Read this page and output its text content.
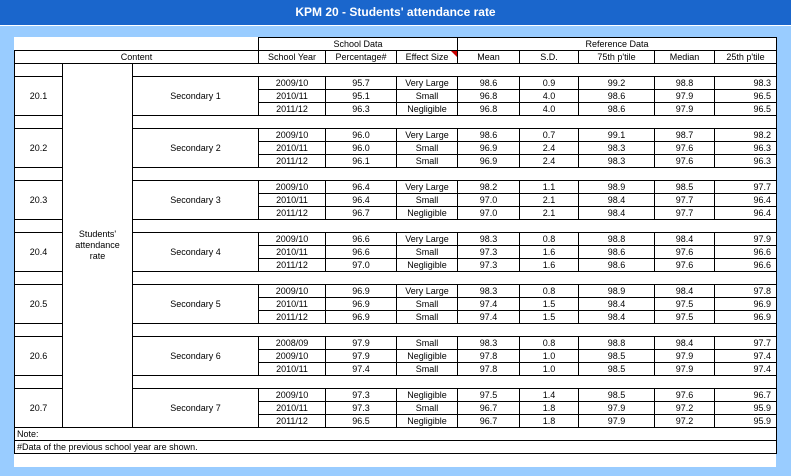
KPM 20 - Students' attendance rate
			School Data			Reference Data				
Content			School Year	Percentage#	Effect Size	Mean	S.D.	75th p'tile	Median	25th p'tile
	Students'
attendance
rate									
20.1		Secondary 1	2009/10	95.7	Very Large	98.6	0.9	99.2	98.8	98.3
			2010/11	95.1	Small	96.8	4.0	98.6	97.9	96.5
			2011/12	96.3	Negligible	96.8	4.0	98.6	97.9	96.5

20.2		Secondary 2	2009/10	96.0	Very Large	98.6	0.7	99.1	98.7	98.2
			2010/11	96.0	Small	96.9	2.4	98.3	97.6	96.3
			2011/12	96.1	Small	96.9	2.4	98.3	97.6	96.3

20.3		Secondary 3	2009/10	96.4	Very Large	98.2	1.1	98.9	98.5	97.7
			2010/11	96.4	Small	97.0	2.1	98.4	97.7	96.4
			2011/12	96.7	Negligible	97.0	2.1	98.4	97.7	96.4

20.4		Secondary 4	2009/10	96.6	Very Large	98.3	0.8	98.8	98.4	97.9
			2010/11	96.6	Small	97.3	1.6	98.6	97.6	96.6
			2011/12	97.0	Negligible	97.3	1.6	98.6	97.6	96.6

20.5		Secondary 5	2009/10	96.9	Very Large	98.3	0.8	98.9	98.4	97.8
			2010/11	96.9	Small	97.4	1.5	98.4	97.5	96.9
			2011/12	96.9	Small	97.4	1.5	98.4	97.5	96.9

20.6		Secondary 6	2008/09	97.9	Small	98.3	0.8	98.8	98.4	97.7
			2009/10	97.9	Negligible	97.8	1.0	98.5	97.9	97.4
			2010/11	97.4	Small	97.8	1.0	98.5	97.9	97.4

20.7		Secondary 7	2009/10	97.3	Negligible	97.5	1.4	98.5	97.6	96.7
			2010/11	97.3	Small	96.7	1.8	97.9	97.2	95.9
			2011/12	96.5	Negligible	96.7	1.8	97.9	97.2	95.9
Note:										
#Data of the previous school year are shown.										
